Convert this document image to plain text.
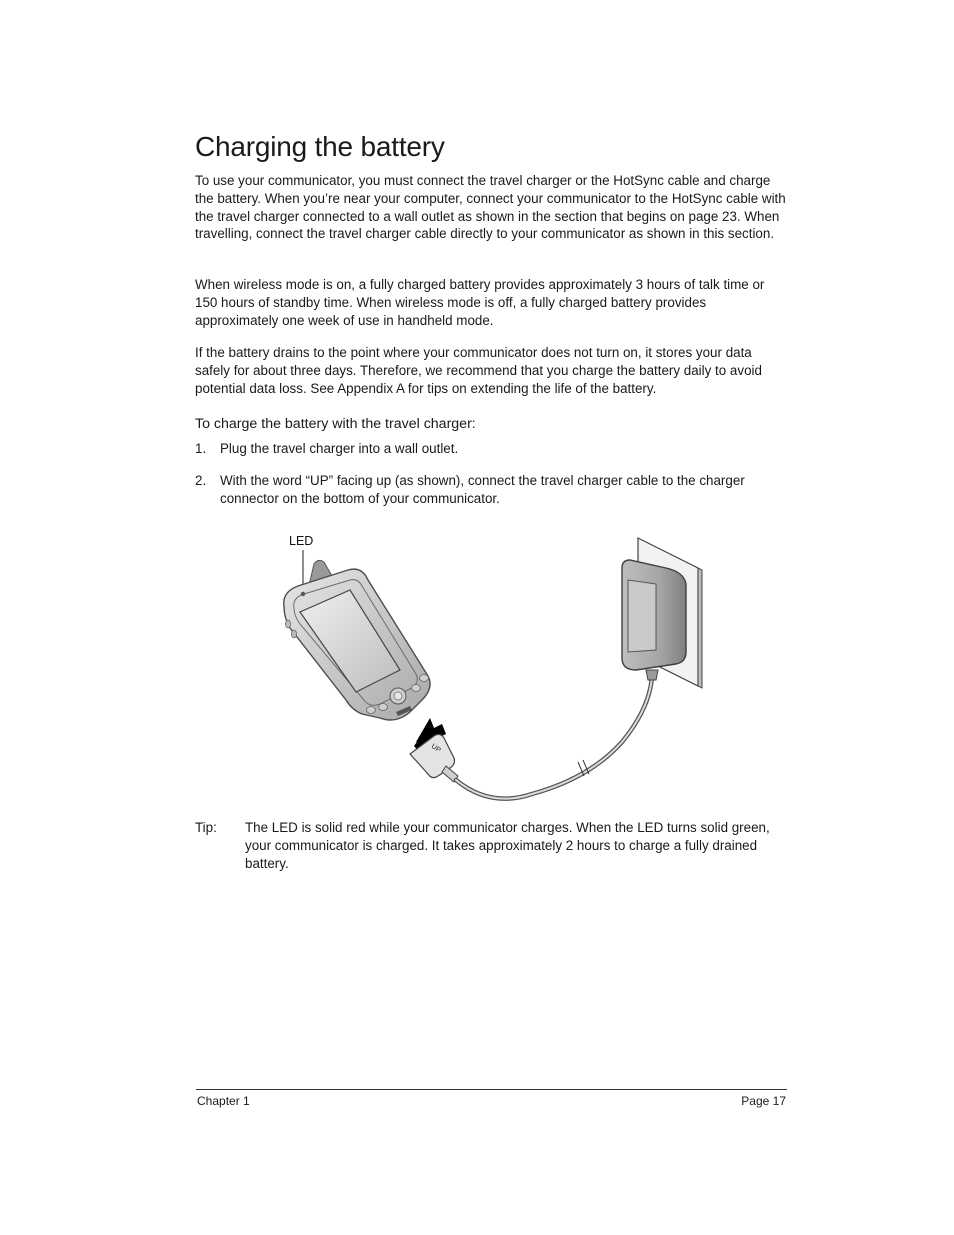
Charging the battery

To use your communicator, you must connect the travel charger or the HotSync cable and charge the battery. When you’re near your computer, connect your communicator to the HotSync cable with the travel charger connected to a wall outlet as shown in the section that begins on page 23. When travelling, connect the travel charger cable directly to your communicator as shown in this section.

When wireless mode is on, a fully charged battery provides approximately 3 hours of talk time or 150 hours of standby time. When wireless mode is off, a fully charged battery provides approximately one week of use in handheld mode.

If the battery drains to the point where your communicator does not turn on, it stores your data safely for about three days. Therefore, we recommend that you charge the battery daily to avoid potential data loss. See Appendix A for tips on extending the life of the battery.

To charge the battery with the travel charger:
1. Plug the travel charger into a wall outlet.
2. With the word “UP” facing up (as shown), connect the travel charger cable to the charger connector on the bottom of your communicator.
LED
UP
Tip: The LED is solid red while your communicator charges. When the LED turns solid green, your communicator is charged. It takes approximately 2 hours to charge a fully drained battery.
Chapter 1	Page 17
